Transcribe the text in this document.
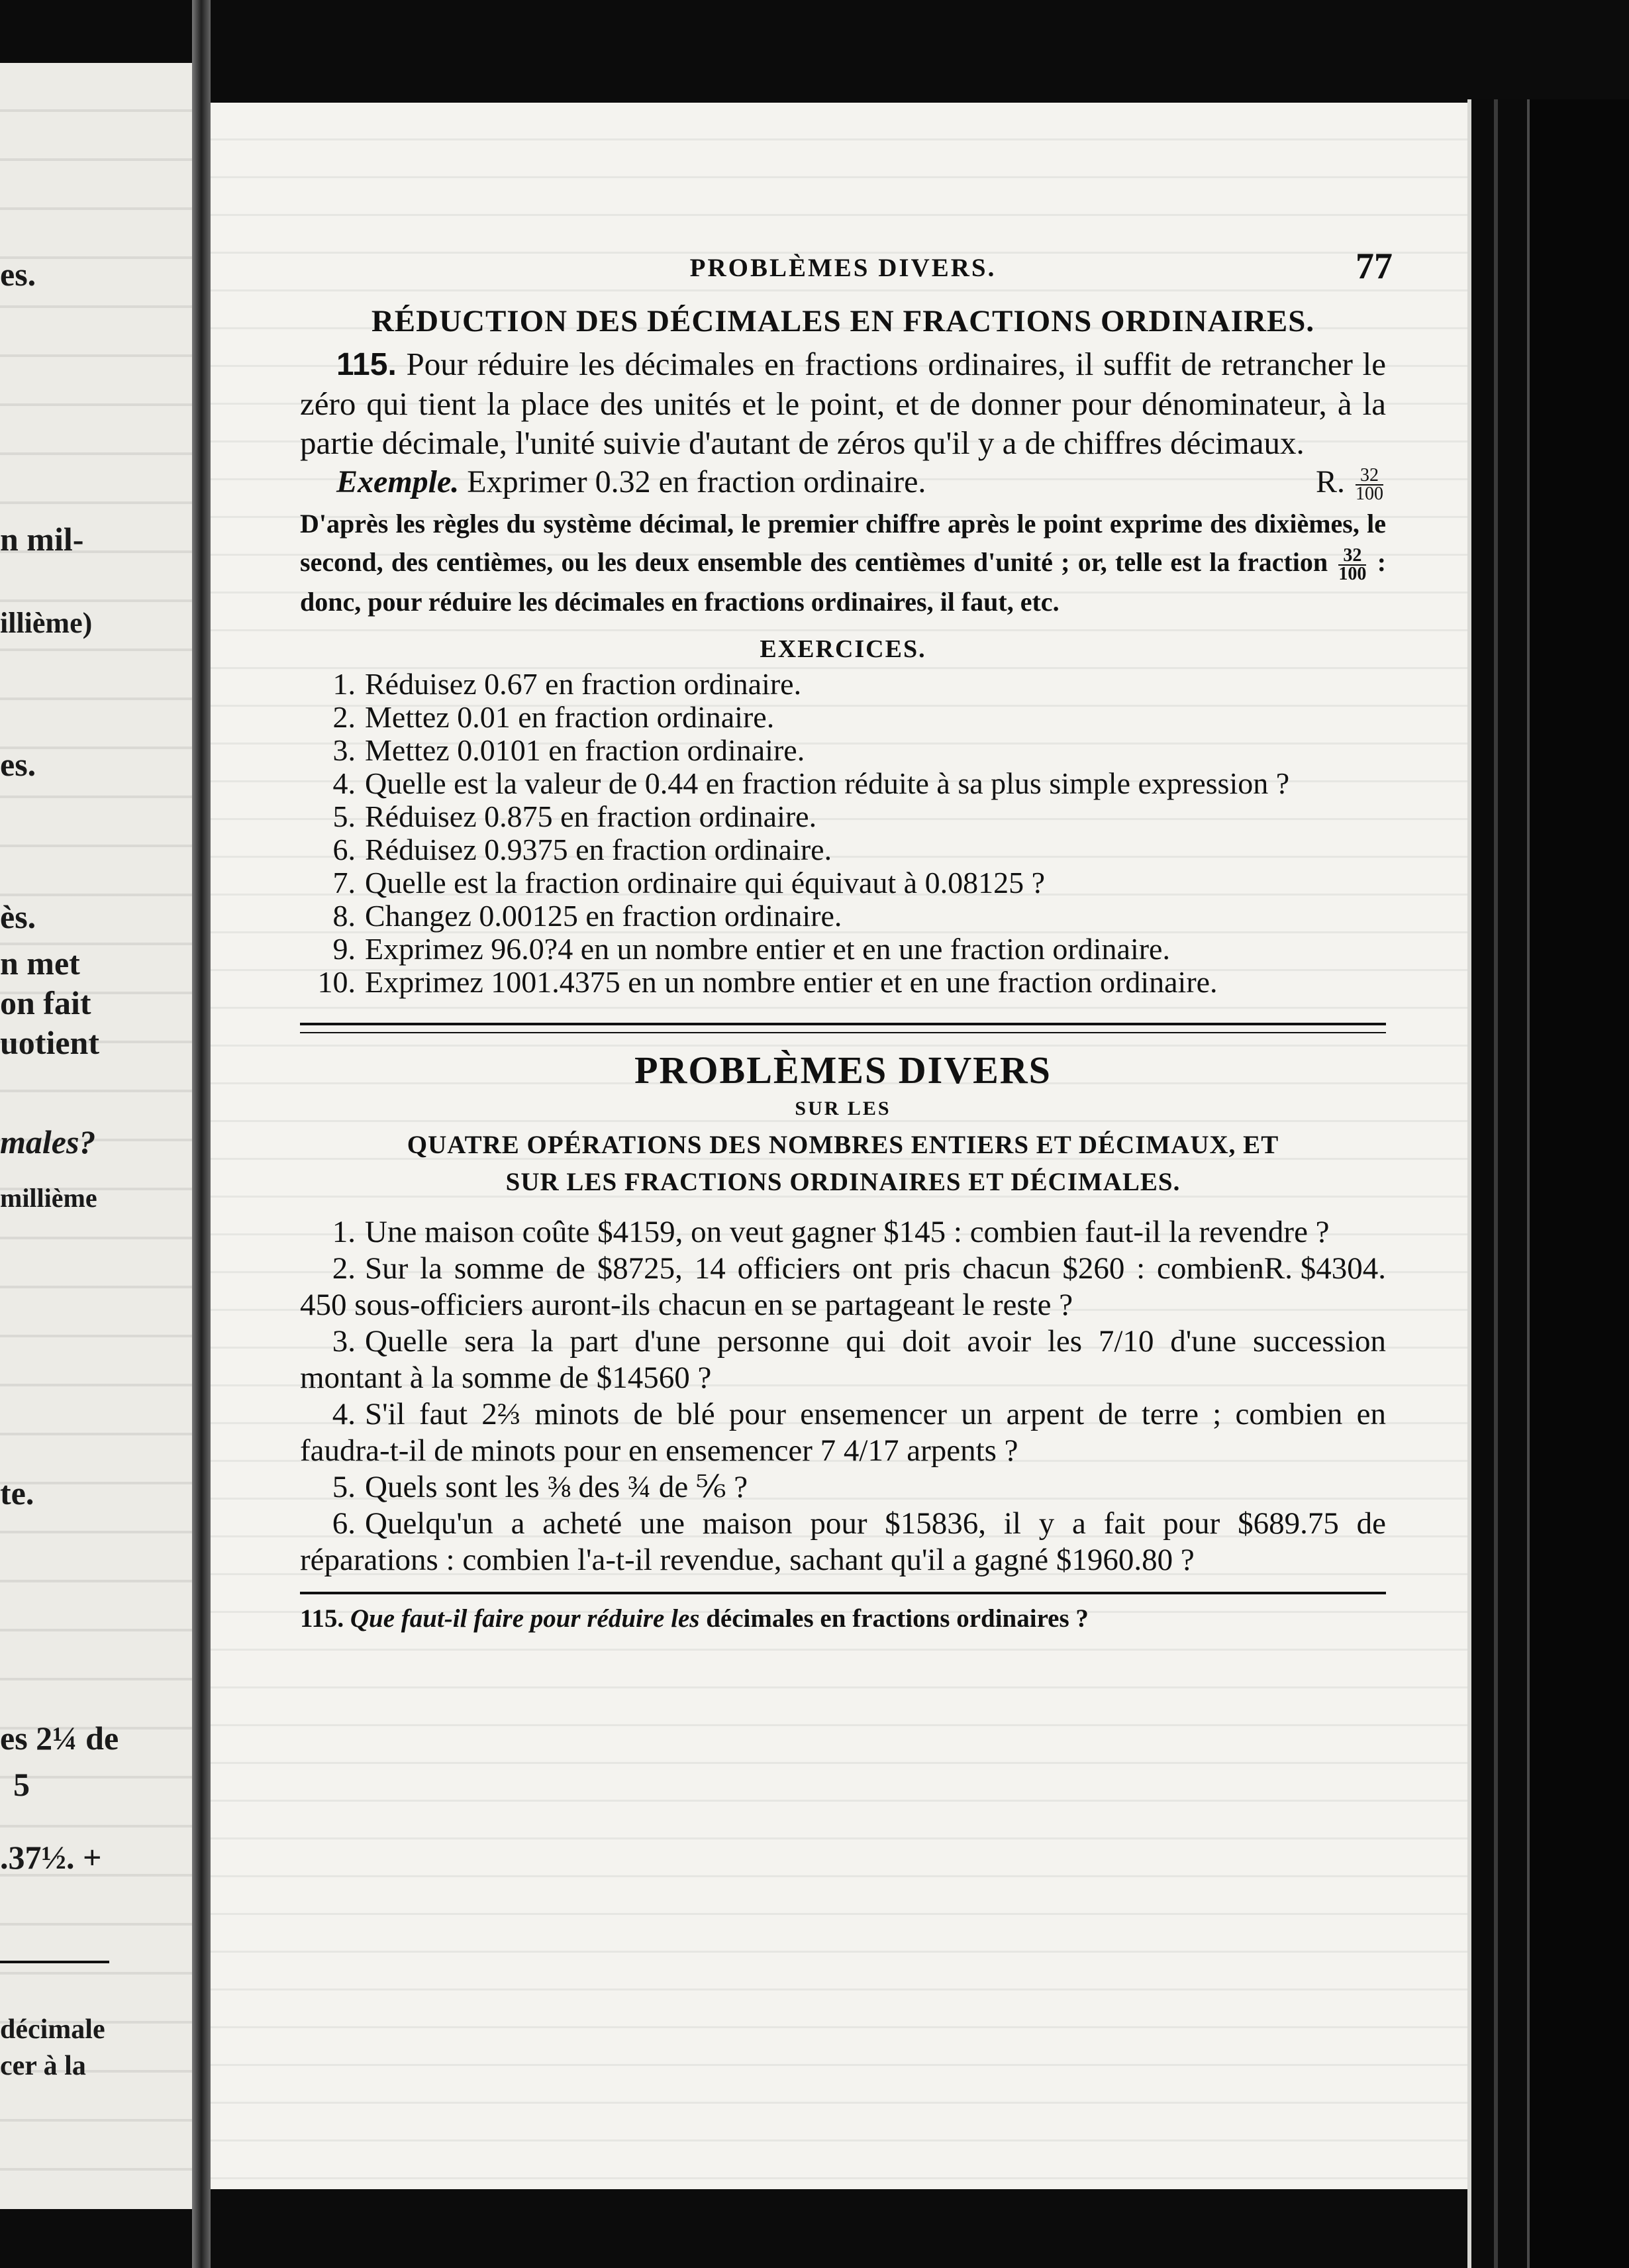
es.
n mil-
illième)
es.
ès.
n met
on fait
uotient
males?
millième
te.
es 2¼ de
5
.37½. +
décimale
cer à la
PROBLÈMES DIVERS.	77
RÉDUCTION DES DÉCIMALES EN FRACTIONS ORDINAIRES.

115. Pour réduire les décimales en fractions ordinaires, il suffit de retrancher le zéro qui tient la place des unités et le point, et de donner pour dénominateur, à la partie décimale, l'unité suivie d'autant de zéros qu'il y a de chiffres décimaux.

Exemple. Exprimer 0.32 en fraction ordinaire.	R. $\frac{32}{100}$

D'après les règles du système décimal, le premier chiffre après le point exprime des dixièmes, le second, des centièmes, ou les deux ensemble des centièmes d'unité ; or, telle est la fraction $\frac{32}{100}$ : donc, pour réduire les décimales en fractions ordinaires, il faut, etc.

EXERCICES.
1. Réduisez 0.67 en fraction ordinaire.
2. Mettez 0.01 en fraction ordinaire.
3. Mettez 0.0101 en fraction ordinaire.
4. Quelle est la valeur de 0.44 en fraction réduite à sa plus simple expression ?
5. Réduisez 0.875 en fraction ordinaire.
6. Réduisez 0.9375 en fraction ordinaire.
7. Quelle est la fraction ordinaire qui équivaut à 0.08125 ?
8. Changez 0.00125 en fraction ordinaire.
9. Exprimez 96.0?4 en un nombre entier et en une fraction ordinaire.
10. Exprimez 1001.4375 en un nombre entier et en une fraction ordinaire.
PROBLÈMES DIVERS
SUR LES
QUATRE OPÉRATIONS DES NOMBRES ENTIERS ET DÉCIMAUX, ET
SUR LES FRACTIONS ORDINAIRES ET DÉCIMALES.
1. Une maison coûte $4159, on veut gagner $145 : combien faut-il la revendre ?
R. $4304.
2. Sur la somme de $8725, 14 officiers ont pris chacun $260 : combien 450 sous-officiers auront-ils chacun en se partageant le reste ?
3. Quelle sera la part d'une personne qui doit avoir les 7/10 d'une succession montant à la somme de $14560 ?
4. S'il faut 2⅔ minots de blé pour ensemencer un arpent de terre ; combien en faudra-t-il de minots pour en ensemencer 7 4/17 arpents ?
5. Quels sont les ⅜ des ¾ de ⅚ ?
6. Quelqu'un a acheté une maison pour $15836, il y a fait pour $689.75 de réparations : combien l'a-t-il revendue, sachant qu'il a gagné $1960.80 ?
115. Que faut-il faire pour réduire les décimales en fractions ordinaires ?
